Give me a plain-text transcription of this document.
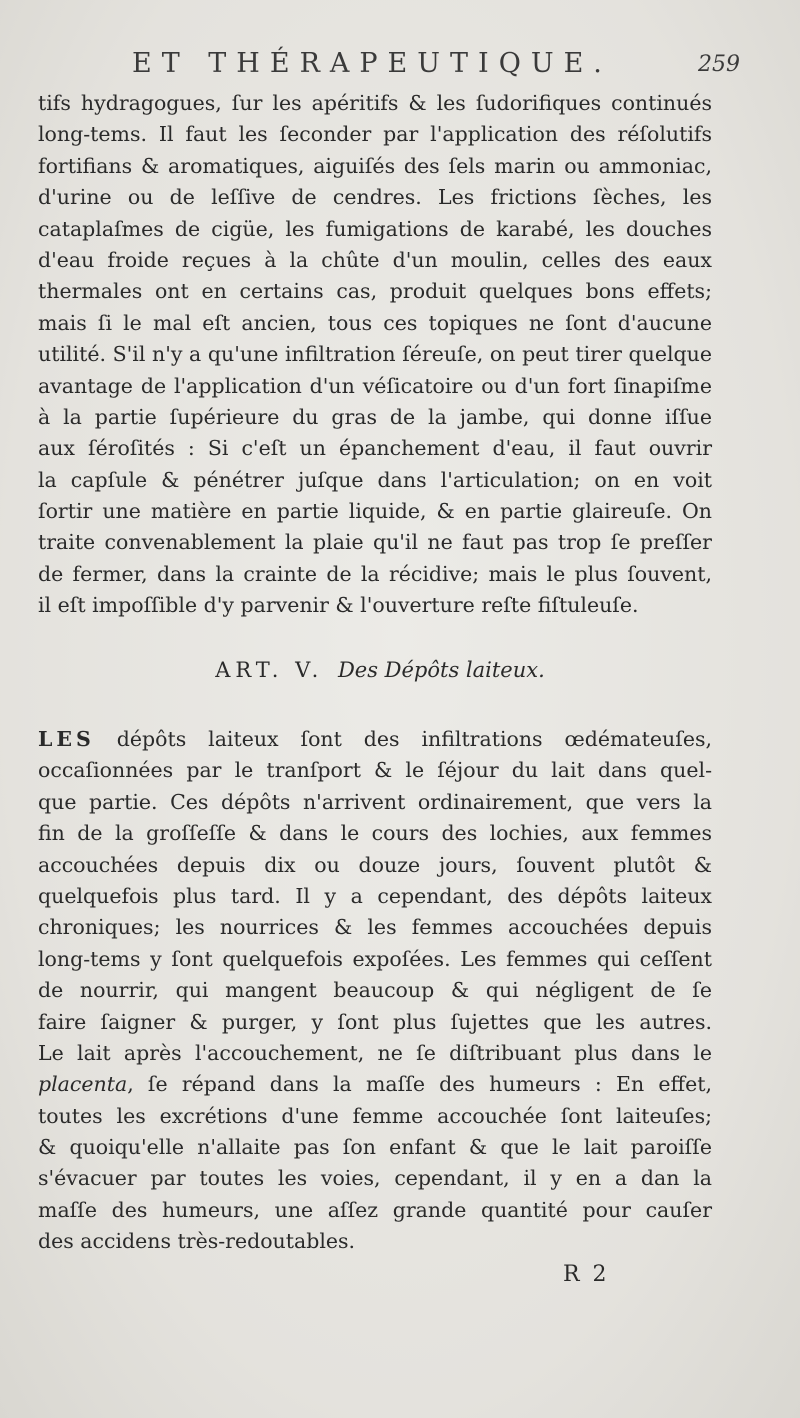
ET THÉRAPEUTIQUE.	259
tifs hydragogues, ſur les apéritifs & les ſudorifiques continués
long-tems. Il faut les ſeconder par l'application des réſolutifs
fortifians & aromatiques, aiguiſés des ſels marin ou ammoniac,
d'urine ou de leſſive de cendres. Les frictions ſèches, les
cataplaſmes de cigüe, les fumigations de karabé, les douches
d'eau froide reçues à la chûte d'un moulin, celles des eaux
thermales ont en certains cas, produit quelques bons effets;
mais ſi le mal eſt ancien, tous ces topiques ne ſont d'aucune
utilité. S'il n'y a qu'une infiltration ſéreuſe, on peut tirer quelque
avantage de l'application d'un véſicatoire ou d'un fort ſinapiſme
à la partie ſupérieure du gras de la jambe, qui donne iſſue
aux ſéroſités : Si c'eſt un épanchement d'eau, il faut ouvrir
la capſule & pénétrer juſque dans l'articulation; on en voit
ſortir une matière en partie liquide, & en partie glaireuſe. On
traite convenablement la plaie qu'il ne faut pas trop ſe preſſer
de fermer, dans la crainte de la récidive; mais le plus ſouvent,
il eſt impoſſible d'y parvenir & l'ouverture reſte fiſtuleuſe.
ART. V. Des Dépôts laiteux.
LES dépôts laiteux ſont des infiltrations œdémateuſes,
occaſionnées par le tranſport & le ſéjour du lait dans quel-
que partie. Ces dépôts n'arrivent ordinairement, que vers la
fin de la groſſeſſe & dans le cours des lochies, aux femmes
accouchées depuis dix ou douze jours, ſouvent plutôt &
quelquefois plus tard. Il y a cependant, des dépôts laiteux
chroniques; les nourrices & les femmes accouchées depuis
long-tems y ſont quelquefois expoſées. Les femmes qui ceſſent
de nourrir, qui mangent beaucoup & qui négligent de ſe
faire ſaigner & purger, y ſont plus ſujettes que les autres.
Le lait après l'accouchement, ne ſe diſtribuant plus dans le
placenta, ſe répand dans la maſſe des humeurs : En effet,
toutes les excrétions d'une femme accouchée ſont laiteuſes;
& quoiqu'elle n'allaite pas ſon enfant & que le lait paroiſſe
s'évacuer par toutes les voies, cependant, il y en a dan la
maſſe des humeurs, une aſſez grande quantité pour cauſer
des accidens très-redoutables.
R 2
